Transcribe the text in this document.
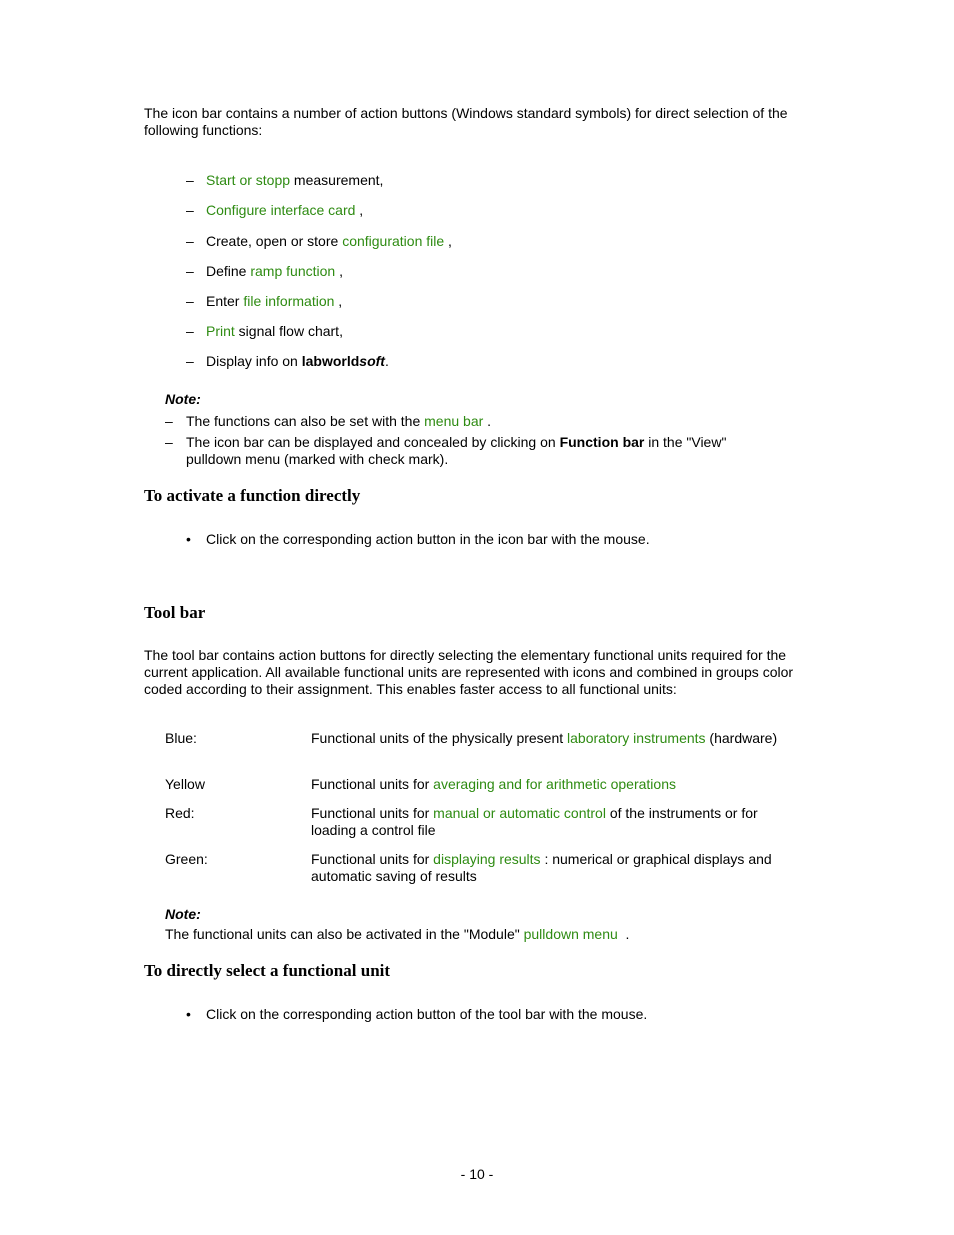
The icon bar contains a number of action buttons (Windows standard symbols) for direct selection of the following functions:

– Start or stopp measurement,
– Configure interface card ,
– Create, open or store configuration file ,
– Define ramp function ,
– Enter file information ,
– Print signal flow chart,
– Display info on labworldsoft.
Note:
– The functions can also be set with the menu bar .

– The icon bar can be displayed and concealed by clicking on Function bar in the "View" pulldown menu (marked with check mark).

To activate a function directly
• Click on the corresponding action button in the icon bar with the mouse.
Tool bar

The tool bar contains action buttons for directly selecting the elementary functional units required for the current application. All available functional units are represented with icons and combined in groups color coded according to their assignment. This enables faster access to all functional units:

Blue:	Functional units of the physically present laboratory instruments (hardware)

Yellow	Functional units for averaging and for arithmetic operations

Red:	Functional units for manual or automatic control of the instruments or for loading a control file

Green:	Functional units for displaying results : numerical or graphical displays and automatic saving of results

Note:

The functional units can also be activated in the "Module" pulldown menu  .

To directly select a functional unit
• Click on the corresponding action button of the tool bar with the mouse.
- 10 -
